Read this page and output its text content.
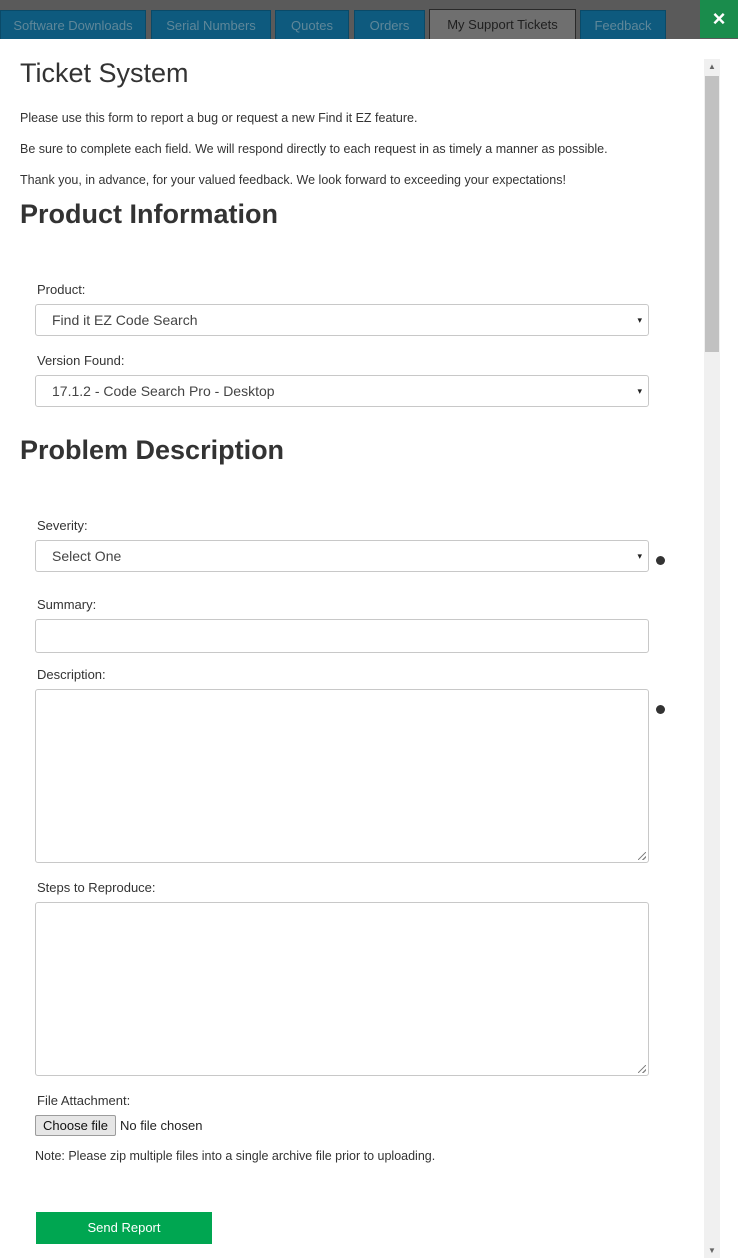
Software Downloads	Serial Numbers	Quotes	Orders	My Support Tickets	Feedback	×
Ticket System

Please use this form to report a bug or request a new Find it EZ feature.

Be sure to complete each field. We will respond directly to each request in as timely a manner as possible.

Thank you, in advance, for your valued feedback. We look forward to exceeding your expectations!

Product Information
Product:
Find it EZ Code Search	▾
Version Found:
17.1.2 - Code Search Pro - Desktop	▾
Problem Description
Severity:
Select One	▾
Summary:
Description:
Steps to Reproduce:
File Attachment:
Choose file No file chosen

Note: Please zip multiple files into a single archive file prior to uploading.

Send Report
▲
▼
